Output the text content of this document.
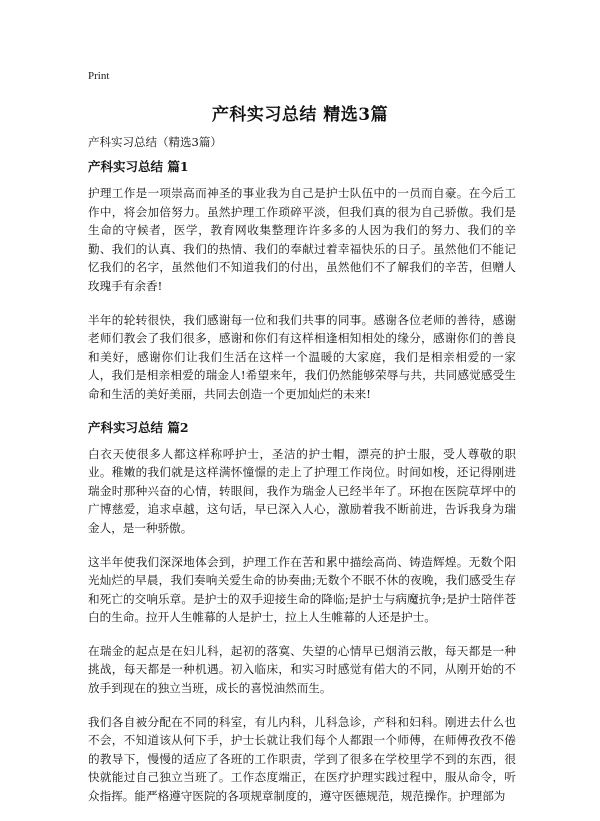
Print
产科实习总结 精选3篇

产科实习总结（精选3篇）

产科实习总结 篇1

护理工作是一项崇高而神圣的事业我为自己是护士队伍中的一员而自豪。在今后工作中，将会加倍努力。虽然护理工作琐碎平淡，但我们真的很为自己骄傲。我们是生命的守候者，医学，教育网收集整理许许多多的人因为我们的努力、我们的辛勤、我们的认真、我们的热情、我们的奉献过着幸福快乐的日子。虽然他们不能记忆我们的名字，虽然他们不知道我们的付出，虽然他们不了解我们的辛苦，但赠人玫瑰手有余香!

半年的轮转很快，我们感谢每一位和我们共事的同事。感谢各位老师的善待，感谢老师们教会了我们很多，感谢和你们有这样相逢相知相处的缘分，感谢你们的善良和美好，感谢你们让我们生活在这样一个温暖的大家庭，我们是相亲相爱的一家人，我们是相亲相爱的瑞金人!希望来年，我们仍然能够荣辱与共，共同感觉感受生命和生活的美好美丽，共同去创造一个更加灿烂的未来!

产科实习总结 篇2

白衣天使很多人都这样称呼护士，圣洁的护士帽，漂亮的护士服，受人尊敬的职业。稚嫩的我们就是这样满怀憧憬的走上了护理工作岗位。时间如梭，还记得刚进瑞金时那种兴奋的心情，转眼间，我作为瑞金人已经半年了。环抱在医院草坪中的广博慈爱，追求卓越，这句话，早已深入人心，激励着我不断前进，告诉我身为瑞金人，是一种骄傲。

这半年使我们深深地体会到，护理工作在苦和累中描绘高尚、铸造辉煌。无数个阳光灿烂的早晨，我们奏响关爱生命的协奏曲;无数个不眠不休的夜晚，我们感受生存和死亡的交响乐章。是护士的双手迎接生命的降临;是护士与病魔抗争;是护士陪伴苍白的生命。拉开人生帷幕的人是护士，拉上人生帷幕的人还是护士。

在瑞金的起点是在妇儿科，起初的落寞、失望的心情早已烟消云散，每天都是一种挑战，每天都是一种机遇。初入临床，和实习时感觉有偌大的不同，从刚开始的不放手到现在的独立当班，成长的喜悦油然而生。

我们各自被分配在不同的科室，有儿内科，儿科急诊，产科和妇科。刚进去什么也不会，不知道该从何下手，护士长就让我们每个人都跟一个师傅，在师傅孜孜不倦的教导下，慢慢的适应了各班的工作职责，学到了很多在学校里学不到的东西，很快就能过自己独立当班了。工作态度端正，在医疗护理实践过程中，服从命令，听众指挥。能严格遵守医院的各项规章制度的，遵守医德规范，规范操作。护理部为
